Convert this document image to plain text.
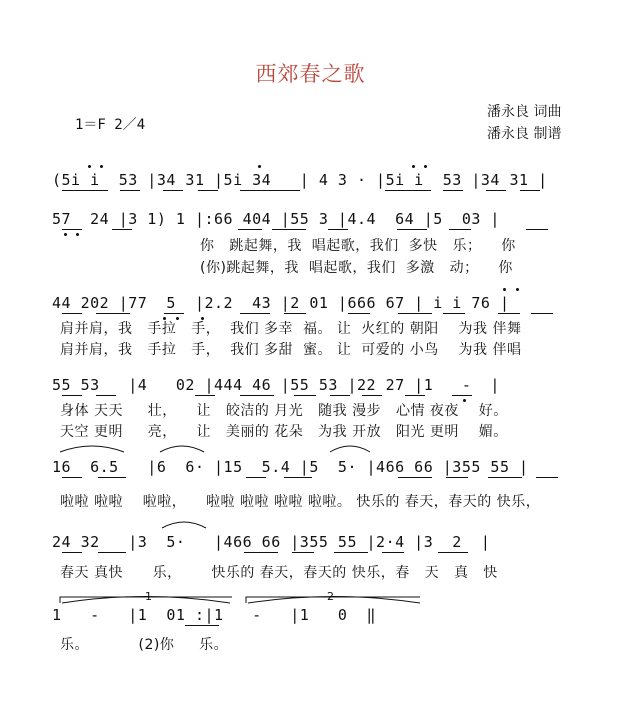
西郊春之歌
1＝F 2／4
潘永良 词曲
潘永良 制谱
(5i i  53 |34 31 |5i 34   | 4 3 · |5i i  53 |34 31 |
57  24 |3 1) 1 |:66 404 |55 3 |4.4  64 |5  03 |
你   跳起舞，我  唱起歌，我们  多快   乐；    你
(你)跳起舞，我  唱起歌，我们  多激   动；    你
44 202 |77  5  |2.2  43 |2 01 |666 67 | i i 76 |
肩并肩，我   手拉   手，  我们 多幸  福。 让  火红的 朝阳    为我 伴舞
肩并肩，我   手拉   手，  我们 多甜  蜜。 让  可爱的 小鸟    为我 伴唱
55 53   |4   02 |444 46 |55 53 |22 27 |1   -  |
身体 天天     壮，    让   皎洁的 月光   随我 漫步   心情 夜夜    好。
天空 更明     亮，    让   美丽的 花朵   为我 开放   阳光 更明    媚。
16  6.5   |6  6· |15  5.4 |5  5· |466 66 |355 55 |
啦啦 啦啦    啦啦，    啦啦 啦啦 啦啦 啦啦。 快乐的 春天，春天的 快乐，
24 32   |3  5·   |466 66 |355 55 |2·4 |3  2  |
春天 真快      乐，      快乐的 春天，春天的 快乐，春   天   真   快
1   -   |1  01 :|1   -   |1   0  ‖
乐。          (2)你     乐。
1	2
